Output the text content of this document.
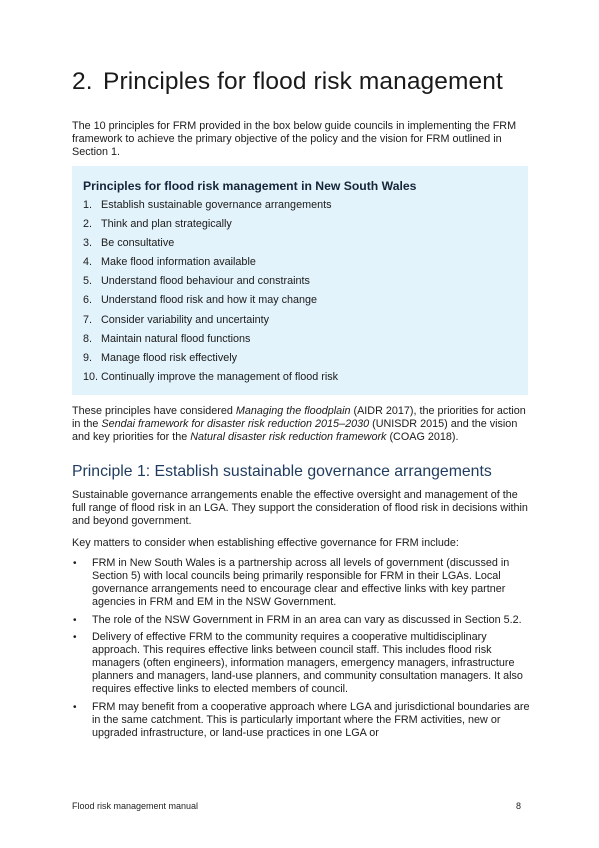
2. Principles for flood risk management
The 10 principles for FRM provided in the box below guide councils in implementing the FRM framework to achieve the primary objective of the policy and the vision for FRM outlined in Section 1.
Principles for flood risk management in New South Wales
1. Establish sustainable governance arrangements
2. Think and plan strategically
3. Be consultative
4. Make flood information available
5. Understand flood behaviour and constraints
6. Understand flood risk and how it may change
7. Consider variability and uncertainty
8. Maintain natural flood functions
9. Manage flood risk effectively
10. Continually improve the management of flood risk
These principles have considered Managing the floodplain (AIDR 2017), the priorities for action in the Sendai framework for disaster risk reduction 2015–2030 (UNISDR 2015) and the vision and key priorities for the Natural disaster risk reduction framework (COAG 2018).
Principle 1: Establish sustainable governance arrangements
Sustainable governance arrangements enable the effective oversight and management of the full range of flood risk in an LGA. They support the consideration of flood risk in decisions within and beyond government.
Key matters to consider when establishing effective governance for FRM include:
• FRM in New South Wales is a partnership across all levels of government (discussed in Section 5) with local councils being primarily responsible for FRM in their LGAs. Local governance arrangements need to encourage clear and effective links with key partner agencies in FRM and EM in the NSW Government.
• The role of the NSW Government in FRM in an area can vary as discussed in Section 5.2.
• Delivery of effective FRM to the community requires a cooperative multidisciplinary approach. This requires effective links between council staff. This includes flood risk managers (often engineers), information managers, emergency managers, infrastructure planners and managers, land-use planners, and community consultation managers. It also requires effective links to elected members of council.
• FRM may benefit from a cooperative approach where LGA and jurisdictional boundaries are in the same catchment. This is particularly important where the FRM activities, new or upgraded infrastructure, or land-use practices in one LGA or
Flood risk management manual	8
